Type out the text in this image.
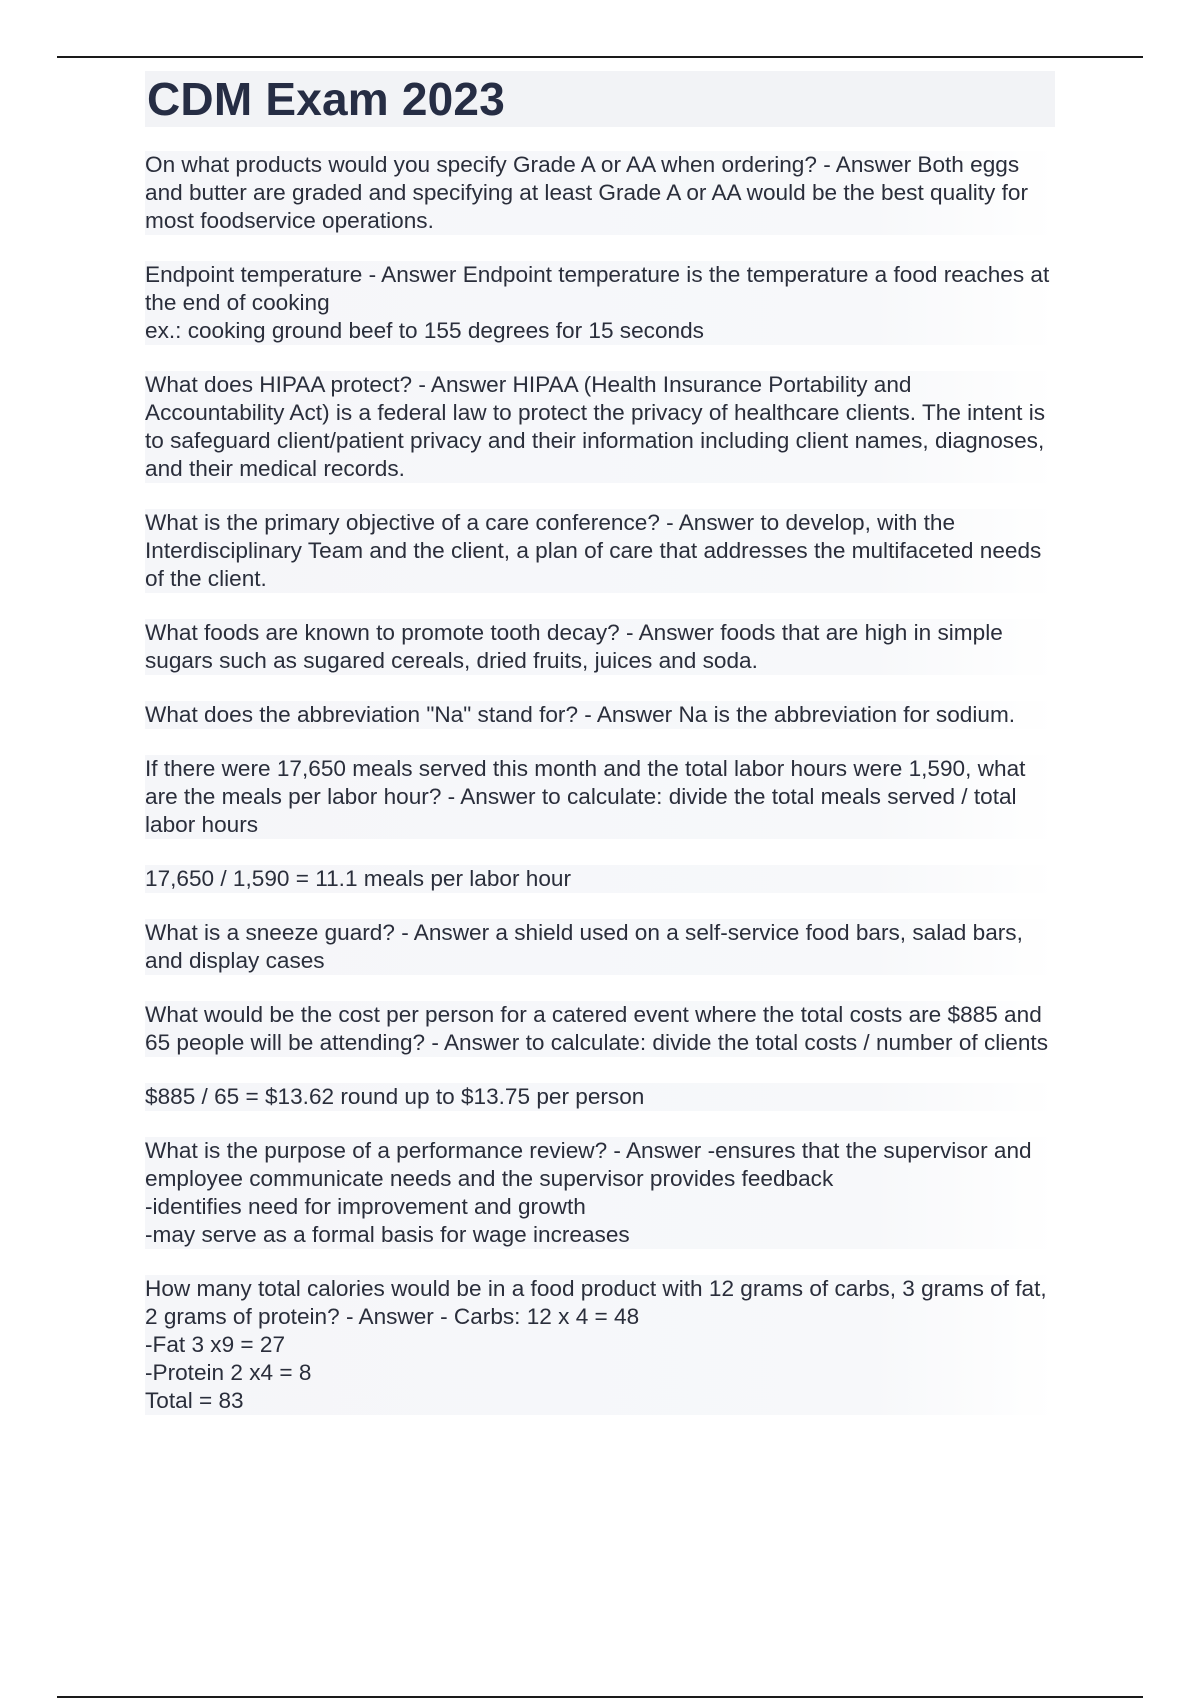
CDM Exam 2023

On what products would you specify Grade A or AA when ordering? - Answer Both eggs and butter are graded and specifying at least Grade A or AA would be the best quality for most foodservice operations.

Endpoint temperature - Answer Endpoint temperature is the temperature a food reaches at the end of cooking
ex.: cooking ground beef to 155 degrees for 15 seconds

What does HIPAA protect? - Answer HIPAA (Health Insurance Portability and Accountability Act) is a federal law to protect the privacy of healthcare clients. The intent is to safeguard client/patient privacy and their information including client names, diagnoses, and their medical records.

What is the primary objective of a care conference? - Answer to develop, with the Interdisciplinary Team and the client, a plan of care that addresses the multifaceted needs of the client.

What foods are known to promote tooth decay? - Answer foods that are high in simple sugars such as sugared cereals, dried fruits, juices and soda.

What does the abbreviation "Na" stand for? - Answer Na is the abbreviation for sodium.

If there were 17,650 meals served this month and the total labor hours were 1,590, what are the meals per labor hour? - Answer to calculate: divide the total meals served / total labor hours

17,650 / 1,590 = 11.1 meals per labor hour

What is a sneeze guard? - Answer a shield used on a self-service food bars, salad bars, and display cases

What would be the cost per person for a catered event where the total costs are $885 and 65 people will be attending? - Answer to calculate: divide the total costs / number of clients

$885 / 65 = $13.62 round up to $13.75 per person

What is the purpose of a performance review? - Answer -ensures that the supervisor and employee communicate needs and the supervisor provides feedback
-identifies need for improvement and growth
-may serve as a formal basis for wage increases

How many total calories would be in a food product with 12 grams of carbs, 3 grams of fat, 2 grams of protein? - Answer - Carbs: 12 x 4 = 48
-Fat 3 x9 = 27
-Protein 2 x4 = 8
Total = 83
